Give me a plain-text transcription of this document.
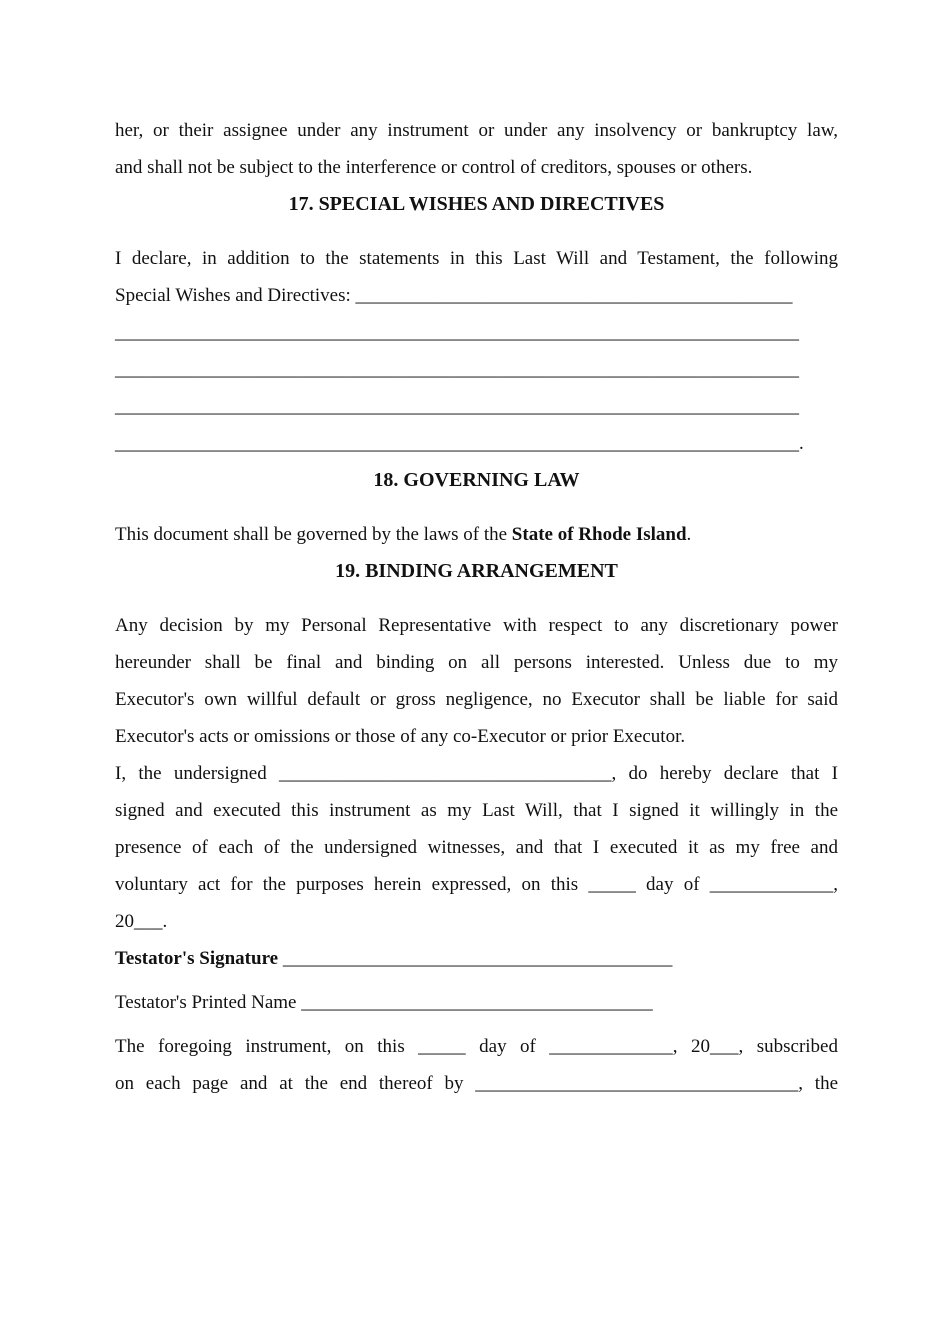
her, or their assignee under any instrument or under any insolvency or bankruptcy law,

and shall not be subject to the interference or control of creditors, spouses or others.

17. SPECIAL WISHES AND DIRECTIVES

I declare, in addition to the statements in this Last Will and Testament, the following

Special Wishes and Directives: ______________________________________________

________________________________________________________________________

________________________________________________________________________

________________________________________________________________________

________________________________________________________________________.

18. GOVERNING LAW

This document shall be governed by the laws of the State of Rhode Island.

19. BINDING ARRANGEMENT

Any decision by my Personal Representative with respect to any discretionary power

hereunder shall be final and binding on all persons interested. Unless due to my

Executor's own willful default or gross negligence, no Executor shall be liable for said

Executor's acts or omissions or those of any co-Executor or prior Executor.

I, the undersigned ___________________________________, do hereby declare that I

signed and executed this instrument as my Last Will, that I signed it willingly in the

presence of each of the undersigned witnesses, and that I executed it as my free and

voluntary act for the purposes herein expressed, on this _____ day of _____________,

20___.

Testator's Signature _________________________________________

Testator's Printed Name _____________________________________

The foregoing instrument, on this _____ day of _____________, 20___, subscribed

on each page and at the end thereof by __________________________________, the
